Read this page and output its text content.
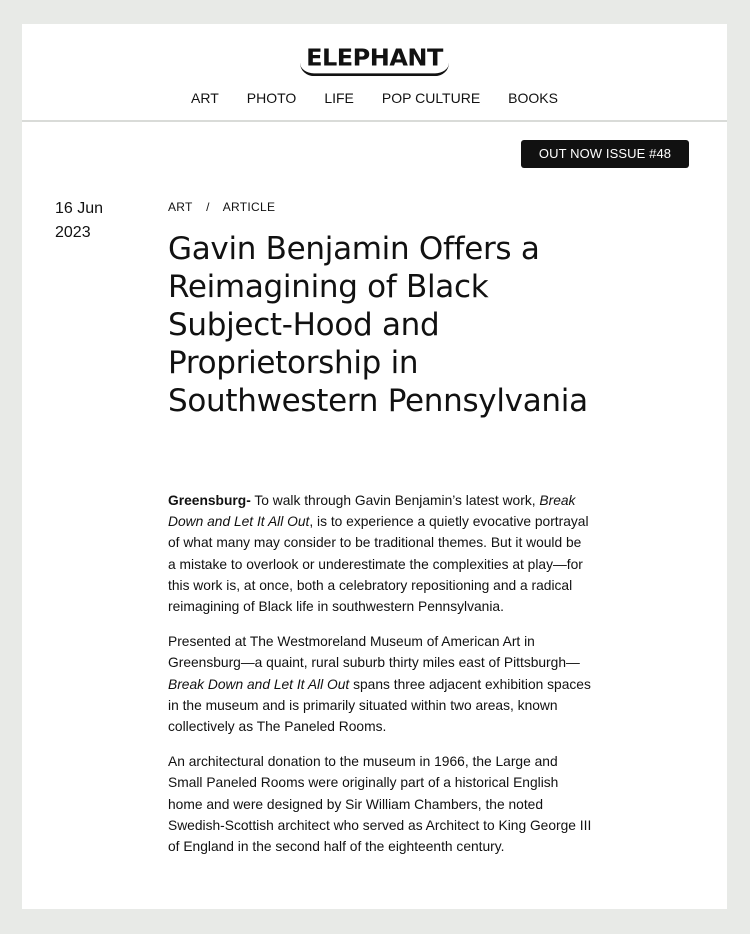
ELEPHANT
ART PHOTO LIFE POP CULTURE BOOKS
OUT NOW ISSUE #48
16 Jun
2023
ART / ARTICLE
Gavin Benjamin Offers a Reimagining of Black Subject-Hood and Proprietorship in Southwestern Pennsylvania

Greensburg- To walk through Gavin Benjamin’s latest work, Break Down and Let It All Out, is to experience a quietly evocative portrayal of what many may consider to be traditional themes. But it would be a mistake to overlook or underestimate the complexities at play—for this work is, at once, both a celebratory repositioning and a radical reimagining of Black life in southwestern Pennsylvania.

Presented at The Westmoreland Museum of American Art in Greensburg—a quaint, rural suburb thirty miles east of Pittsburgh—Break Down and Let It All Out spans three adjacent exhibition spaces in the museum and is primarily situated within two areas, known collectively as The Paneled Rooms.

An architectural donation to the museum in 1966, the Large and Small Paneled Rooms were originally part of a historical English home and were designed by Sir William Chambers, the noted Swedish-Scottish architect who served as Architect to King George III of England in the second half of the eighteenth century.
